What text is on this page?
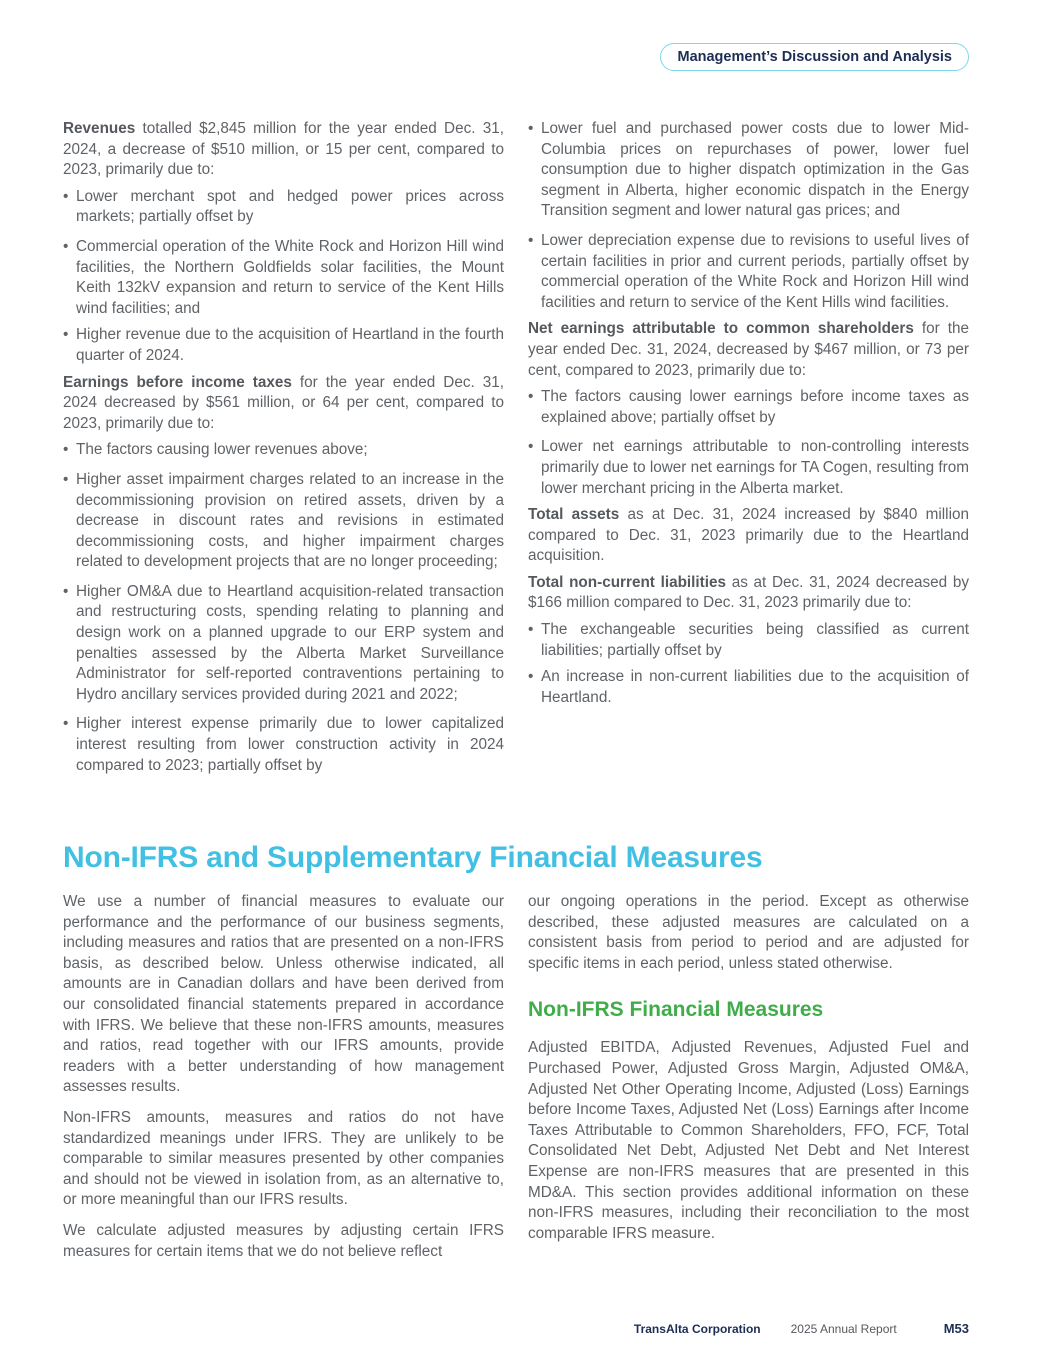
Management’s Discussion and Analysis

Revenues totalled $2,845 million for the year ended Dec. 31, 2024, a decrease of $510 million, or 15 per cent, compared to 2023, primarily due to:

• Lower merchant spot and hedged power prices across markets; partially offset by

• Commercial operation of the White Rock and Horizon Hill wind facilities, the Northern Goldfields solar facilities, the Mount Keith 132kV expansion and return to service of the Kent Hills wind facilities; and

• Higher revenue due to the acquisition of Heartland in the fourth quarter of 2024.

Earnings before income taxes for the year ended Dec. 31, 2024 decreased by $561 million, or 64 per cent, compared to 2023, primarily due to:

• The factors causing lower revenues above;

• Higher asset impairment charges related to an increase in the decommissioning provision on retired assets, driven by a decrease in discount rates and revisions in estimated decommissioning costs, and higher impairment charges related to development projects that are no longer proceeding;

• Higher OM&A due to Heartland acquisition-related transaction and restructuring costs, spending relating to planning and design work on a planned upgrade to our ERP system and penalties assessed by the Alberta Market Surveillance Administrator for self-reported contraventions pertaining to Hydro ancillary services provided during 2021 and 2022;

• Higher interest expense primarily due to lower capitalized interest resulting from lower construction activity in 2024 compared to 2023; partially offset by

• Lower fuel and purchased power costs due to lower Mid-Columbia prices on repurchases of power, lower fuel consumption due to higher dispatch optimization in the Gas segment in Alberta, higher economic dispatch in the Energy Transition segment and lower natural gas prices; and

• Lower depreciation expense due to revisions to useful lives of certain facilities in prior and current periods, partially offset by commercial operation of the White Rock and Horizon Hill wind facilities and return to service of the Kent Hills wind facilities.

Net earnings attributable to common shareholders for the year ended Dec. 31, 2024, decreased by $467 million, or 73 per cent, compared to 2023, primarily due to:

• The factors causing lower earnings before income taxes as explained above; partially offset by

• Lower net earnings attributable to non-controlling interests primarily due to lower net earnings for TA Cogen, resulting from lower merchant pricing in the Alberta market.

Total assets as at Dec. 31, 2024 increased by $840 million compared to Dec. 31, 2023 primarily due to the Heartland acquisition.

Total non-current liabilities as at Dec. 31, 2024 decreased by $166 million compared to Dec. 31, 2023 primarily due to:

• The exchangeable securities being classified as current liabilities; partially offset by

• An increase in non-current liabilities due to the acquisition of Heartland.

Non-IFRS and Supplementary Financial Measures

We use a number of financial measures to evaluate our performance and the performance of our business segments, including measures and ratios that are presented on a non-IFRS basis, as described below. Unless otherwise indicated, all amounts are in Canadian dollars and have been derived from our consolidated financial statements prepared in accordance with IFRS. We believe that these non-IFRS amounts, measures and ratios, read together with our IFRS amounts, provide readers with a better understanding of how management assesses results.

Non-IFRS amounts, measures and ratios do not have standardized meanings under IFRS. They are unlikely to be comparable to similar measures presented by other companies and should not be viewed in isolation from, as an alternative to, or more meaningful than our IFRS results.

We calculate adjusted measures by adjusting certain IFRS measures for certain items that we do not believe reflect

our ongoing operations in the period. Except as otherwise described, these adjusted measures are calculated on a consistent basis from period to period and are adjusted for specific items in each period, unless stated otherwise.

Non-IFRS Financial Measures

Adjusted EBITDA, Adjusted Revenues, Adjusted Fuel and Purchased Power, Adjusted Gross Margin, Adjusted OM&A, Adjusted Net Other Operating Income, Adjusted (Loss) Earnings before Income Taxes, Adjusted Net (Loss) Earnings after Income Taxes Attributable to Common Shareholders, FFO, FCF, Total Consolidated Net Debt, Adjusted Net Debt and Net Interest Expense are non-IFRS measures that are presented in this MD&A. This section provides additional information on these non-IFRS measures, including their reconciliation to the most comparable IFRS measure.

TransAlta Corporation	2025 Annual Report	M53
